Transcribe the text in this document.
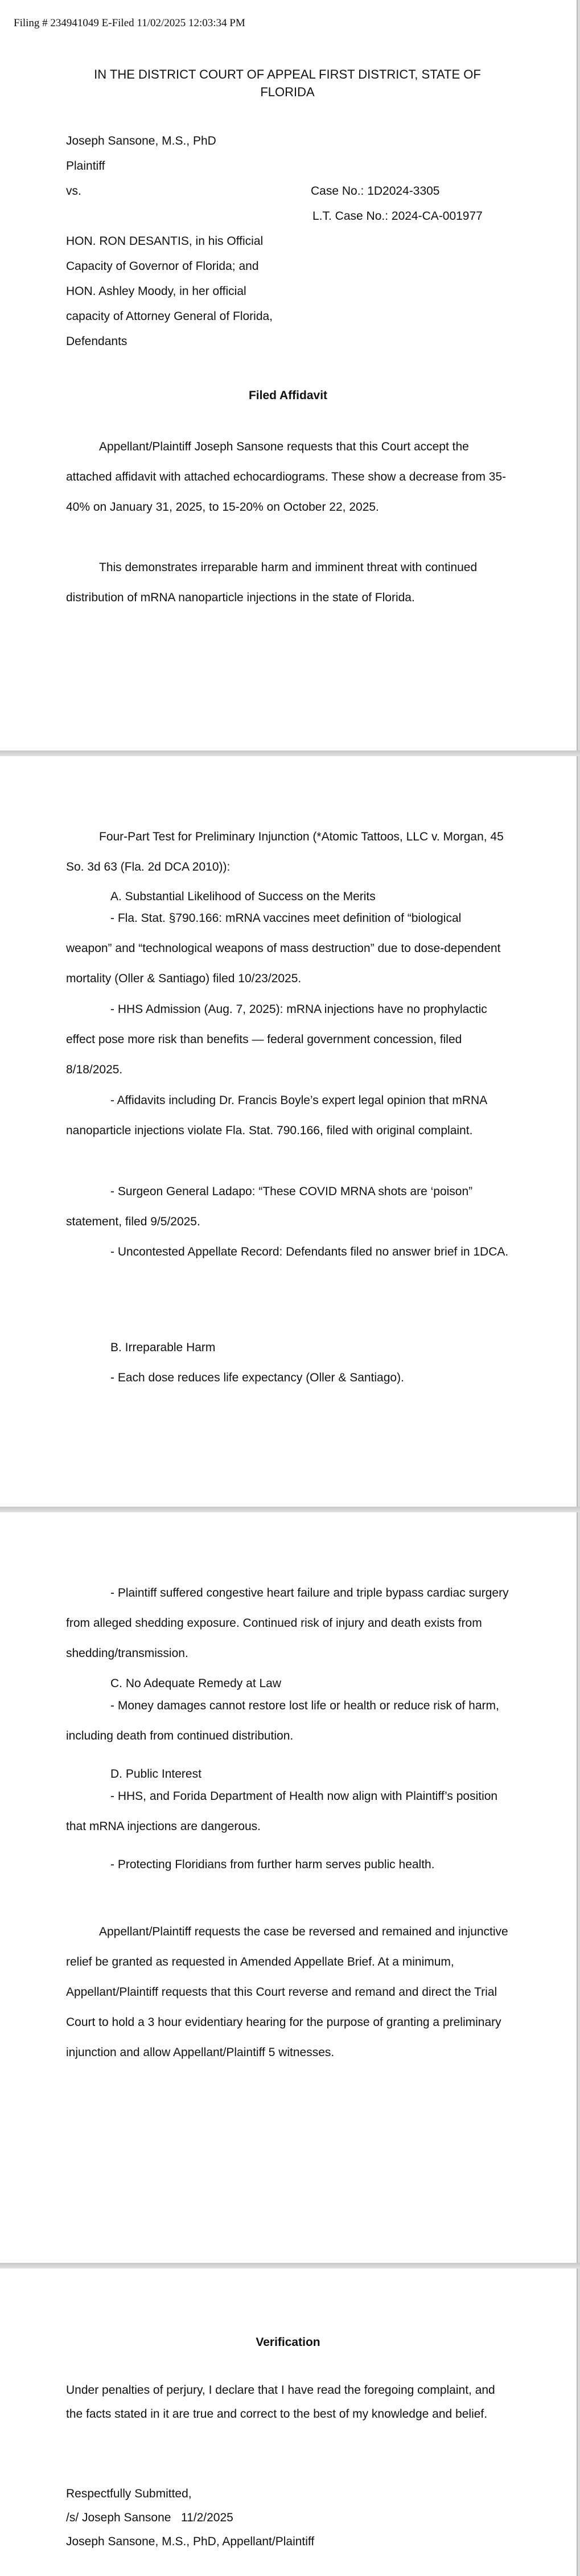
Filing # 234941049 E-Filed 11/02/2025 12:03:34 PM

IN THE DISTRICT COURT OF APPEAL FIRST DISTRICT, STATE OF FLORIDA

Joseph Sansone, M.S., PhD
Plaintiff
vs.	Case No.: 1D2024-3305
L.T. Case No.: 2024-CA-001977
HON. RON DESANTIS, in his Official
Capacity of Governor of Florida; and
HON. Ashley Moody, in her official
capacity of Attorney General of Florida,
Defendants
Filed Affidavit

Appellant/Plaintiff Joseph Sansone requests that this Court accept the attached affidavit with attached echocardiograms. These show a decrease from 35-40% on January 31, 2025, to 15-20% on October 22, 2025.

This demonstrates irreparable harm and imminent threat with continued distribution of mRNA nanoparticle injections in the state of Florida.

Four-Part Test for Preliminary Injunction (*Atomic Tattoos, LLC v. Morgan, 45 So. 3d 63 (Fla. 2d DCA 2010)):

A. Substantial Likelihood of Success on the Merits

- Fla. Stat. §790.166: mRNA vaccines meet definition of “biological weapon” and “technological weapons of mass destruction” due to dose-dependent mortality (Oller & Santiago) filed 10/23/2025.

- HHS Admission (Aug. 7, 2025): mRNA injections have no prophylactic effect pose more risk than benefits — federal government concession, filed 8/18/2025.

- Affidavits including Dr. Francis Boyle’s expert legal opinion that mRNA nanoparticle injections violate Fla. Stat. 790.166, filed with original complaint.

- Surgeon General Ladapo: “These COVID MRNA shots are ‘poison” statement, filed 9/5/2025.

- Uncontested Appellate Record: Defendants filed no answer brief in 1DCA.

B. Irreparable Harm
- Each dose reduces life expectancy (Oller & Santiago).

- Plaintiff suffered congestive heart failure and triple bypass cardiac surgery from alleged shedding exposure. Continued risk of injury and death exists from shedding/transmission.

C. No Adequate Remedy at Law

- Money damages cannot restore lost life or health or reduce risk of harm, including death from continued distribution.

D. Public Interest

- HHS, and Forida Department of Health now align with Plaintiff’s position that mRNA injections are dangerous.

- Protecting Floridians from further harm serves public health.

Appellant/Plaintiff requests the case be reversed and remained and injunctive relief be granted as requested in Amended Appellate Brief. At a minimum, Appellant/Plaintiff requests that this Court reverse and remand and direct the Trial Court to hold a 3 hour evidentiary hearing for the purpose of granting a preliminary injunction and allow Appellant/Plaintiff 5 witnesses.

Verification

Under penalties of perjury, I declare that I have read the foregoing complaint, and the facts stated in it are true and correct to the best of my knowledge and belief.

Respectfully Submitted,
/s/ Joseph Sansone   11/2/2025
Joseph Sansone, M.S., PhD, Appellant/Plaintiff
